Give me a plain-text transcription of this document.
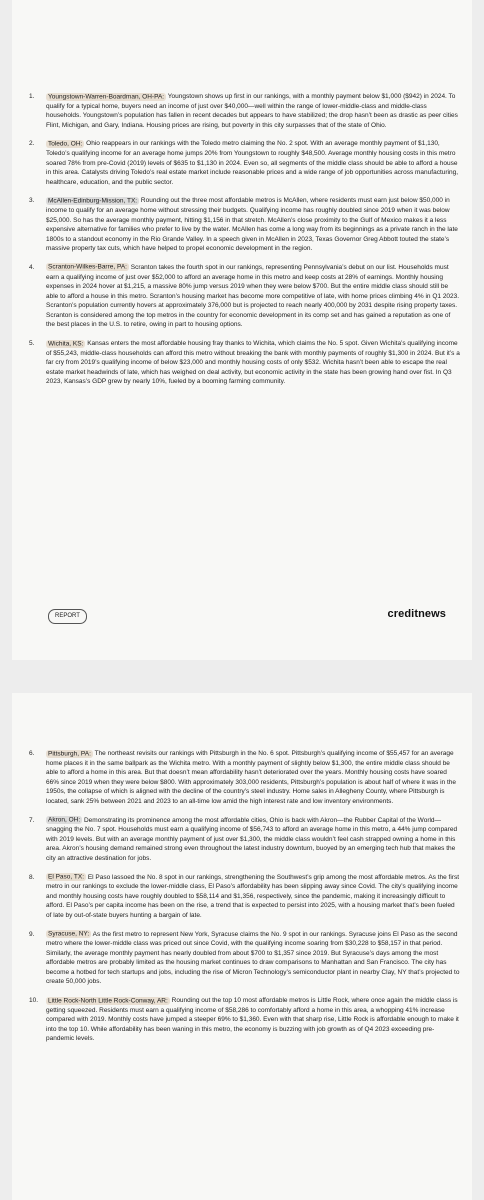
1.	Youngstown-Warren-Boardman, OH-PA: Youngstown shows up first in our rankings, with a monthly payment below $1,000 ($942) in 2024. To qualify for a typical home, buyers need an income of just over $40,000—well within the range of lower-middle-class and middle-class households. Youngstown’s population has fallen in recent decades but appears to have stabilized; the drop hasn’t been as drastic as peer cities Flint, Michigan, and Gary, Indiana. Housing prices are rising, but poverty in this city surpasses that of the state of Ohio.
2.	Toledo, OH: Ohio reappears in our rankings with the Toledo metro claiming the No. 2 spot. With an average monthly payment of $1,130, Toledo’s qualifying income for an average home jumps 20% from Youngstown to roughly $48,500. Average monthly housing costs in this metro soared 78% from pre-Covid (2019) levels of $635 to $1,130 in 2024. Even so, all segments of the middle class should be able to afford a house in this area. Catalysts driving Toledo’s real estate market include reasonable prices and a wide range of job opportunities across manufacturing, healthcare, education, and the public sector.
3.	McAllen-Edinburg-Mission, TX: Rounding out the three most affordable metros is McAllen, where residents must earn just below $50,000 in income to qualify for an average home without stressing their budgets. Qualifying income has roughly doubled since 2019 when it was below $25,000. So has the average monthly payment, hitting $1,156 in that stretch. McAllen’s close proximity to the Gulf of Mexico makes it a less expensive alternative for families who prefer to live by the water. McAllen has come a long way from its beginnings as a private ranch in the late 1800s to a standout economy in the Rio Grande Valley. In a speech given in McAllen in 2023, Texas Governor Greg Abbott touted the state’s massive property tax cuts, which have helped to propel economic development in the region.
4.	Scranton-Wilkes-Barre, PA: Scranton takes the fourth spot in our rankings, representing Pennsylvania’s debut on our list. Households must earn a qualifying income of just over $52,000 to afford an average home in this metro and keep costs at 28% of earnings. Monthly housing expenses in 2024 hover at $1,215, a massive 80% jump versus 2019 when they were below $700. But the entire middle class should still be able to afford a house in this metro. Scranton’s housing market has become more competitive of late, with home prices climbing 4% in Q1 2023. Scranton’s population currently hovers at approximately 376,000 but is projected to reach nearly 400,000 by 2031 despite rising property taxes. Scranton is considered among the top metros in the country for economic development in its comp set and has gained a reputation as one of the best places in the U.S. to retire, owing in part to housing options.
5.	Wichita, KS: Kansas enters the most affordable housing fray thanks to Wichita, which claims the No. 5 spot. Given Wichita’s qualifying income of $55,243, middle-class households can afford this metro without breaking the bank with monthly payments of roughly $1,300 in 2024. But it’s a far cry from 2019’s qualifying income of below $23,000 and monthly housing costs of only $532. Wichita hasn’t been able to escape the real estate market headwinds of late, which has weighed on deal activity, but economic activity in the state has been growing hand over fist. In Q3 2023, Kansas’s GDP grew by nearly 10%, fueled by a booming farming community.
REPORT	creditnews
6.	Pittsburgh, PA: The northeast revisits our rankings with Pittsburgh in the No. 6 spot. Pittsburgh’s qualifying income of $55,457 for an average home places it in the same ballpark as the Wichita metro. With a monthly payment of slightly below $1,300, the entire middle class should be able to afford a home in this area. But that doesn’t mean affordability hasn’t deteriorated over the years. Monthly housing costs have soared 66% since 2019 when they were below $800. With approximately 303,000 residents, Pittsburgh’s population is about half of where it was in the 1950s, the collapse of which is aligned with the decline of the country’s steel industry. Home sales in Allegheny County, where Pittsburgh is located, sank 25% between 2021 and 2023 to an all-time low amid the high interest rate and low inventory environments.
7.	Akron, OH: Demonstrating its prominence among the most affordable cities, Ohio is back with Akron—the Rubber Capital of the World—snagging the No. 7 spot. Households must earn a qualifying income of $56,743 to afford an average home in this metro, a 44% jump compared with 2019 levels. But with an average monthly payment of just over $1,300, the middle class wouldn’t feel cash strapped owning a home in this area. Akron’s housing demand remained strong even throughout the latest industry downturn, buoyed by an emerging tech hub that makes the city an attractive destination for jobs.
8.	El Paso, TX: El Paso lassoed the No. 8 spot in our rankings, strengthening the Southwest’s grip among the most affordable metros. As the first metro in our rankings to exclude the lower-middle class, El Paso’s affordability has been slipping away since Covid. The city’s qualifying income and monthly housing costs have roughly doubled to $58,114 and $1,356, respectively, since the pandemic, making it increasingly difficult to afford. El Paso’s per capita income has been on the rise, a trend that is expected to persist into 2025, with a housing market that’s been fueled of late by out-of-state buyers hunting a bargain of late.
9.	Syracuse, NY: As the first metro to represent New York, Syracuse claims the No. 9 spot in our rankings. Syracuse joins El Paso as the second metro where the lower-middle class was priced out since Covid, with the qualifying income soaring from $30,228 to $58,157 in that period. Similarly, the average monthly payment has nearly doubled from about $700 to $1,357 since 2019. But Syracuse’s days among the most affordable metros are probably limited as the housing market continues to draw comparisons to Manhattan and San Francisco. The city has become a hotbed for tech startups and jobs, including the rise of Micron Technology’s semiconductor plant in nearby Clay, NY that’s projected to create 50,000 jobs.
10.	Little Rock-North Little Rock-Conway, AR: Rounding out the top 10 most affordable metros is Little Rock, where once again the middle class is getting squeezed. Residents must earn a qualifying income of $58,286 to comfortably afford a home in this area, a whopping 41% increase compared with 2019. Monthly costs have jumped a steeper 69% to $1,360. Even with that sharp rise, Little Rock is affordable enough to make it into the top 10. While affordability has been waning in this metro, the economy is buzzing with job growth as of Q4 2023 exceeding pre-pandemic levels.
